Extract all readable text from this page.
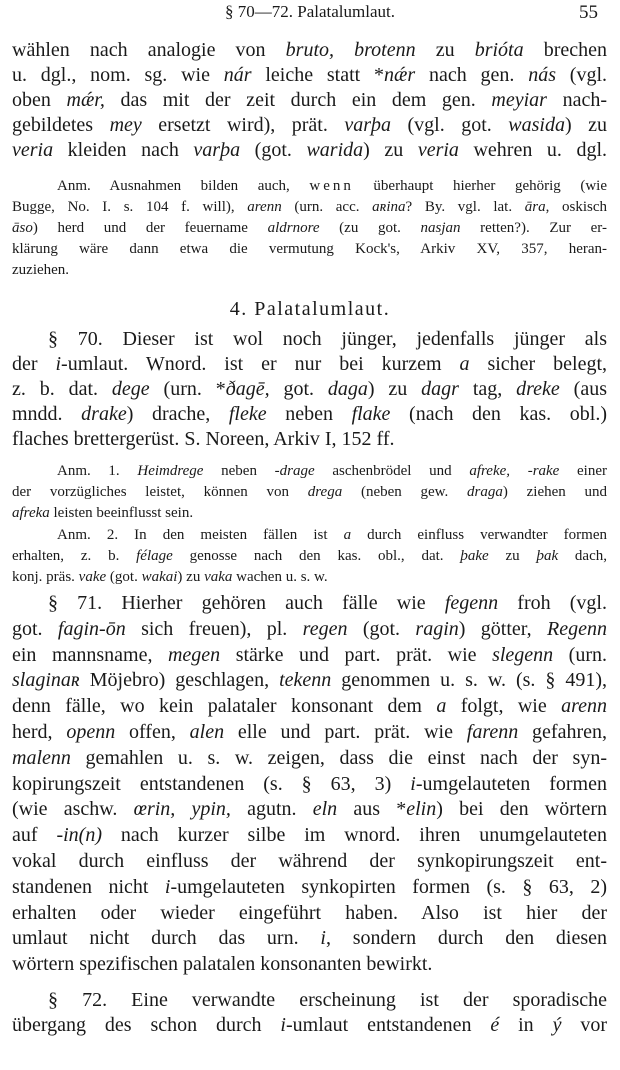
§ 70—72. Palatalumlaut.	55
4. Palatalumlaut.
wählen nach analogie von bruto, brotenn zu brióta brechen
u. dgl., nom. sg. wie nár leiche statt *nǽr nach gen. nás (vgl.
oben mǽr, das mit der zeit durch ein dem gen. meyiar nach-
gebildetes mey ersetzt wird), prät. varþa (vgl. got. wasida) zu
veria kleiden nach varþa (got. warida) zu veria wehren u. dgl.
Anm. Ausnahmen bilden auch, wenn überhaupt hierher gehörig (wie
Bugge, No. I. s. 104 f. will), arenn (urn. acc. aʀina? By. vgl. lat. āra, oskisch
āso) herd und der feuername aldrnore (zu got. nasjan retten?). Zur er-
klärung wäre dann etwa die vermutung Kock's, Arkiv XV, 357, heran-
zuziehen.
§ 70. Dieser ist wol noch jünger, jedenfalls jünger als
der i-umlaut. Wnord. ist er nur bei kurzem a sicher belegt,
z. b. dat. dege (urn. *ðagē, got. daga) zu dagr tag, dreke (aus
mndd. drake) drache, fleke neben flake (nach den kas. obl.)
flaches brettergerüst. S. Noreen, Arkiv I, 152 ff.
Anm. 1. Heimdrege neben -drage aschenbrödel und afreke, -rake einer
der vorzügliches leistet, können von drega (neben gew. draga) ziehen und
afreka leisten beeinflusst sein.
Anm. 2. In den meisten fällen ist a durch einfluss verwandter formen
erhalten, z. b. félage genosse nach den kas. obl., dat. þake zu þak dach,
konj. präs. vake (got. wakai) zu vaka wachen u. s. w.
§ 71. Hierher gehören auch fälle wie fegenn froh (vgl.
got. fagin-ōn sich freuen), pl. regen (got. ragin) götter, Regenn
ein mannsname, megen stärke und part. prät. wie slegenn (urn.
slaginaʀ Möjebro) geschlagen, tekenn genommen u. s. w. (s. § 491),
denn fälle, wo kein palataler konsonant dem a folgt, wie arenn
herd, openn offen, alen elle und part. prät. wie farenn gefahren,
malenn gemahlen u. s. w. zeigen, dass die einst nach der syn-
kopirungszeit entstandenen (s. § 63, 3) i-umgelauteten formen
(wie aschw. œrin, ypin, agutn. eln aus *elin) bei den wörtern
auf -in(n) nach kurzer silbe im wnord. ihren unumgelauteten
vokal durch einfluss der während der synkopirungszeit ent-
standenen nicht i-umgelauteten synkopirten formen (s. § 63, 2)
erhalten oder wieder eingeführt haben. Also ist hier der
umlaut nicht durch das urn. i, sondern durch den diesen
wörtern spezifischen palatalen konsonanten bewirkt.
§ 72. Eine verwandte erscheinung ist der sporadische
übergang des schon durch i-umlaut entstandenen é in ý vor
